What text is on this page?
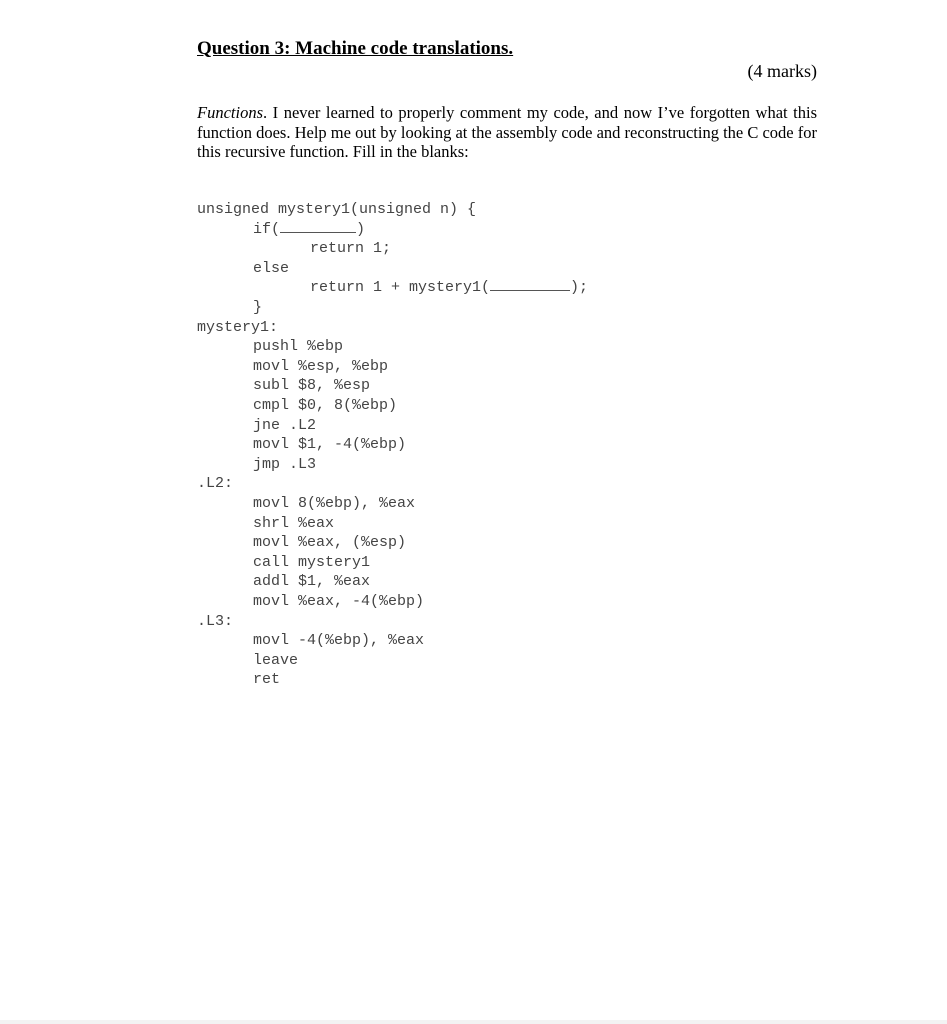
Question 3: Machine code translations.
(4 marks)
Functions. I never learned to properly comment my code, and now I’ve forgotten what this function does. Help me out by looking at the assembly code and reconstructing the C code for this recursive function. Fill in the blanks:
unsigned mystery1(unsigned n) {
if(	)
return 1;
else
return 1 + mystery1(	);
}
mystery1:
pushl %ebp
movl %esp, %ebp
subl $8, %esp
cmpl $0, 8(%ebp)
jne .L2
movl $1, -4(%ebp)
jmp .L3
.L2:
movl 8(%ebp), %eax
shrl %eax
movl %eax, (%esp)
call mystery1
addl $1, %eax
movl %eax, -4(%ebp)
.L3:
movl -4(%ebp), %eax
leave
ret
